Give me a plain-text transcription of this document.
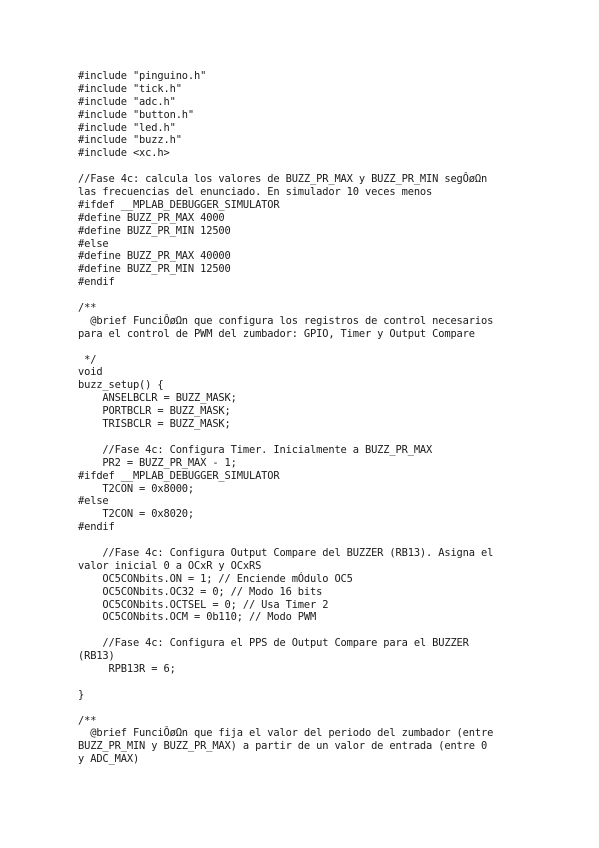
#include "pinguino.h"
#include "tick.h"
#include "adc.h"
#include "button.h"
#include "led.h"
#include "buzz.h"
#include <xc.h>
//Fase 4c: calcula los valores de BUZZ_PR_MAX y BUZZ_PR_MIN segÔøΩn
las frecuencias del enunciado. En simulador 10 veces menos
#ifdef __MPLAB_DEBUGGER_SIMULATOR
#define BUZZ_PR_MAX 4000
#define BUZZ_PR_MIN 12500
#else
#define BUZZ_PR_MAX 40000
#define BUZZ_PR_MIN 12500
#endif
/**
@brief FunciÔøΩn que configura los registros de control necesarios
para el control de PWM del zumbador: GPIO, Timer y Output Compare
*/
void
buzz_setup() {
ANSELBCLR = BUZZ_MASK;
PORTBCLR = BUZZ_MASK;
TRISBCLR = BUZZ_MASK;
//Fase 4c: Configura Timer. Inicialmente a BUZZ_PR_MAX
PR2 = BUZZ_PR_MAX - 1;
#ifdef __MPLAB_DEBUGGER_SIMULATOR
T2CON = 0x8000;
#else
T2CON = 0x8020;
#endif
//Fase 4c: Configura Output Compare del BUZZER (RB13). Asigna el
valor inicial 0 a OCxR y OCxRS
OC5CONbits.ON = 1; // Enciende mÓdulo OC5
OC5CONbits.OC32 = 0; // Modo 16 bits
OC5CONbits.OCTSEL = 0; // Usa Timer 2
OC5CONbits.OCM = 0b110; // Modo PWM
//Fase 4c: Configura el PPS de Output Compare para el BUZZER
(RB13)
RPB13R = 6;
}
/**
@brief FunciÔøΩn que fija el valor del periodo del zumbador (entre
BUZZ_PR_MIN y BUZZ_PR_MAX) a partir de un valor de entrada (entre 0
y ADC_MAX)
